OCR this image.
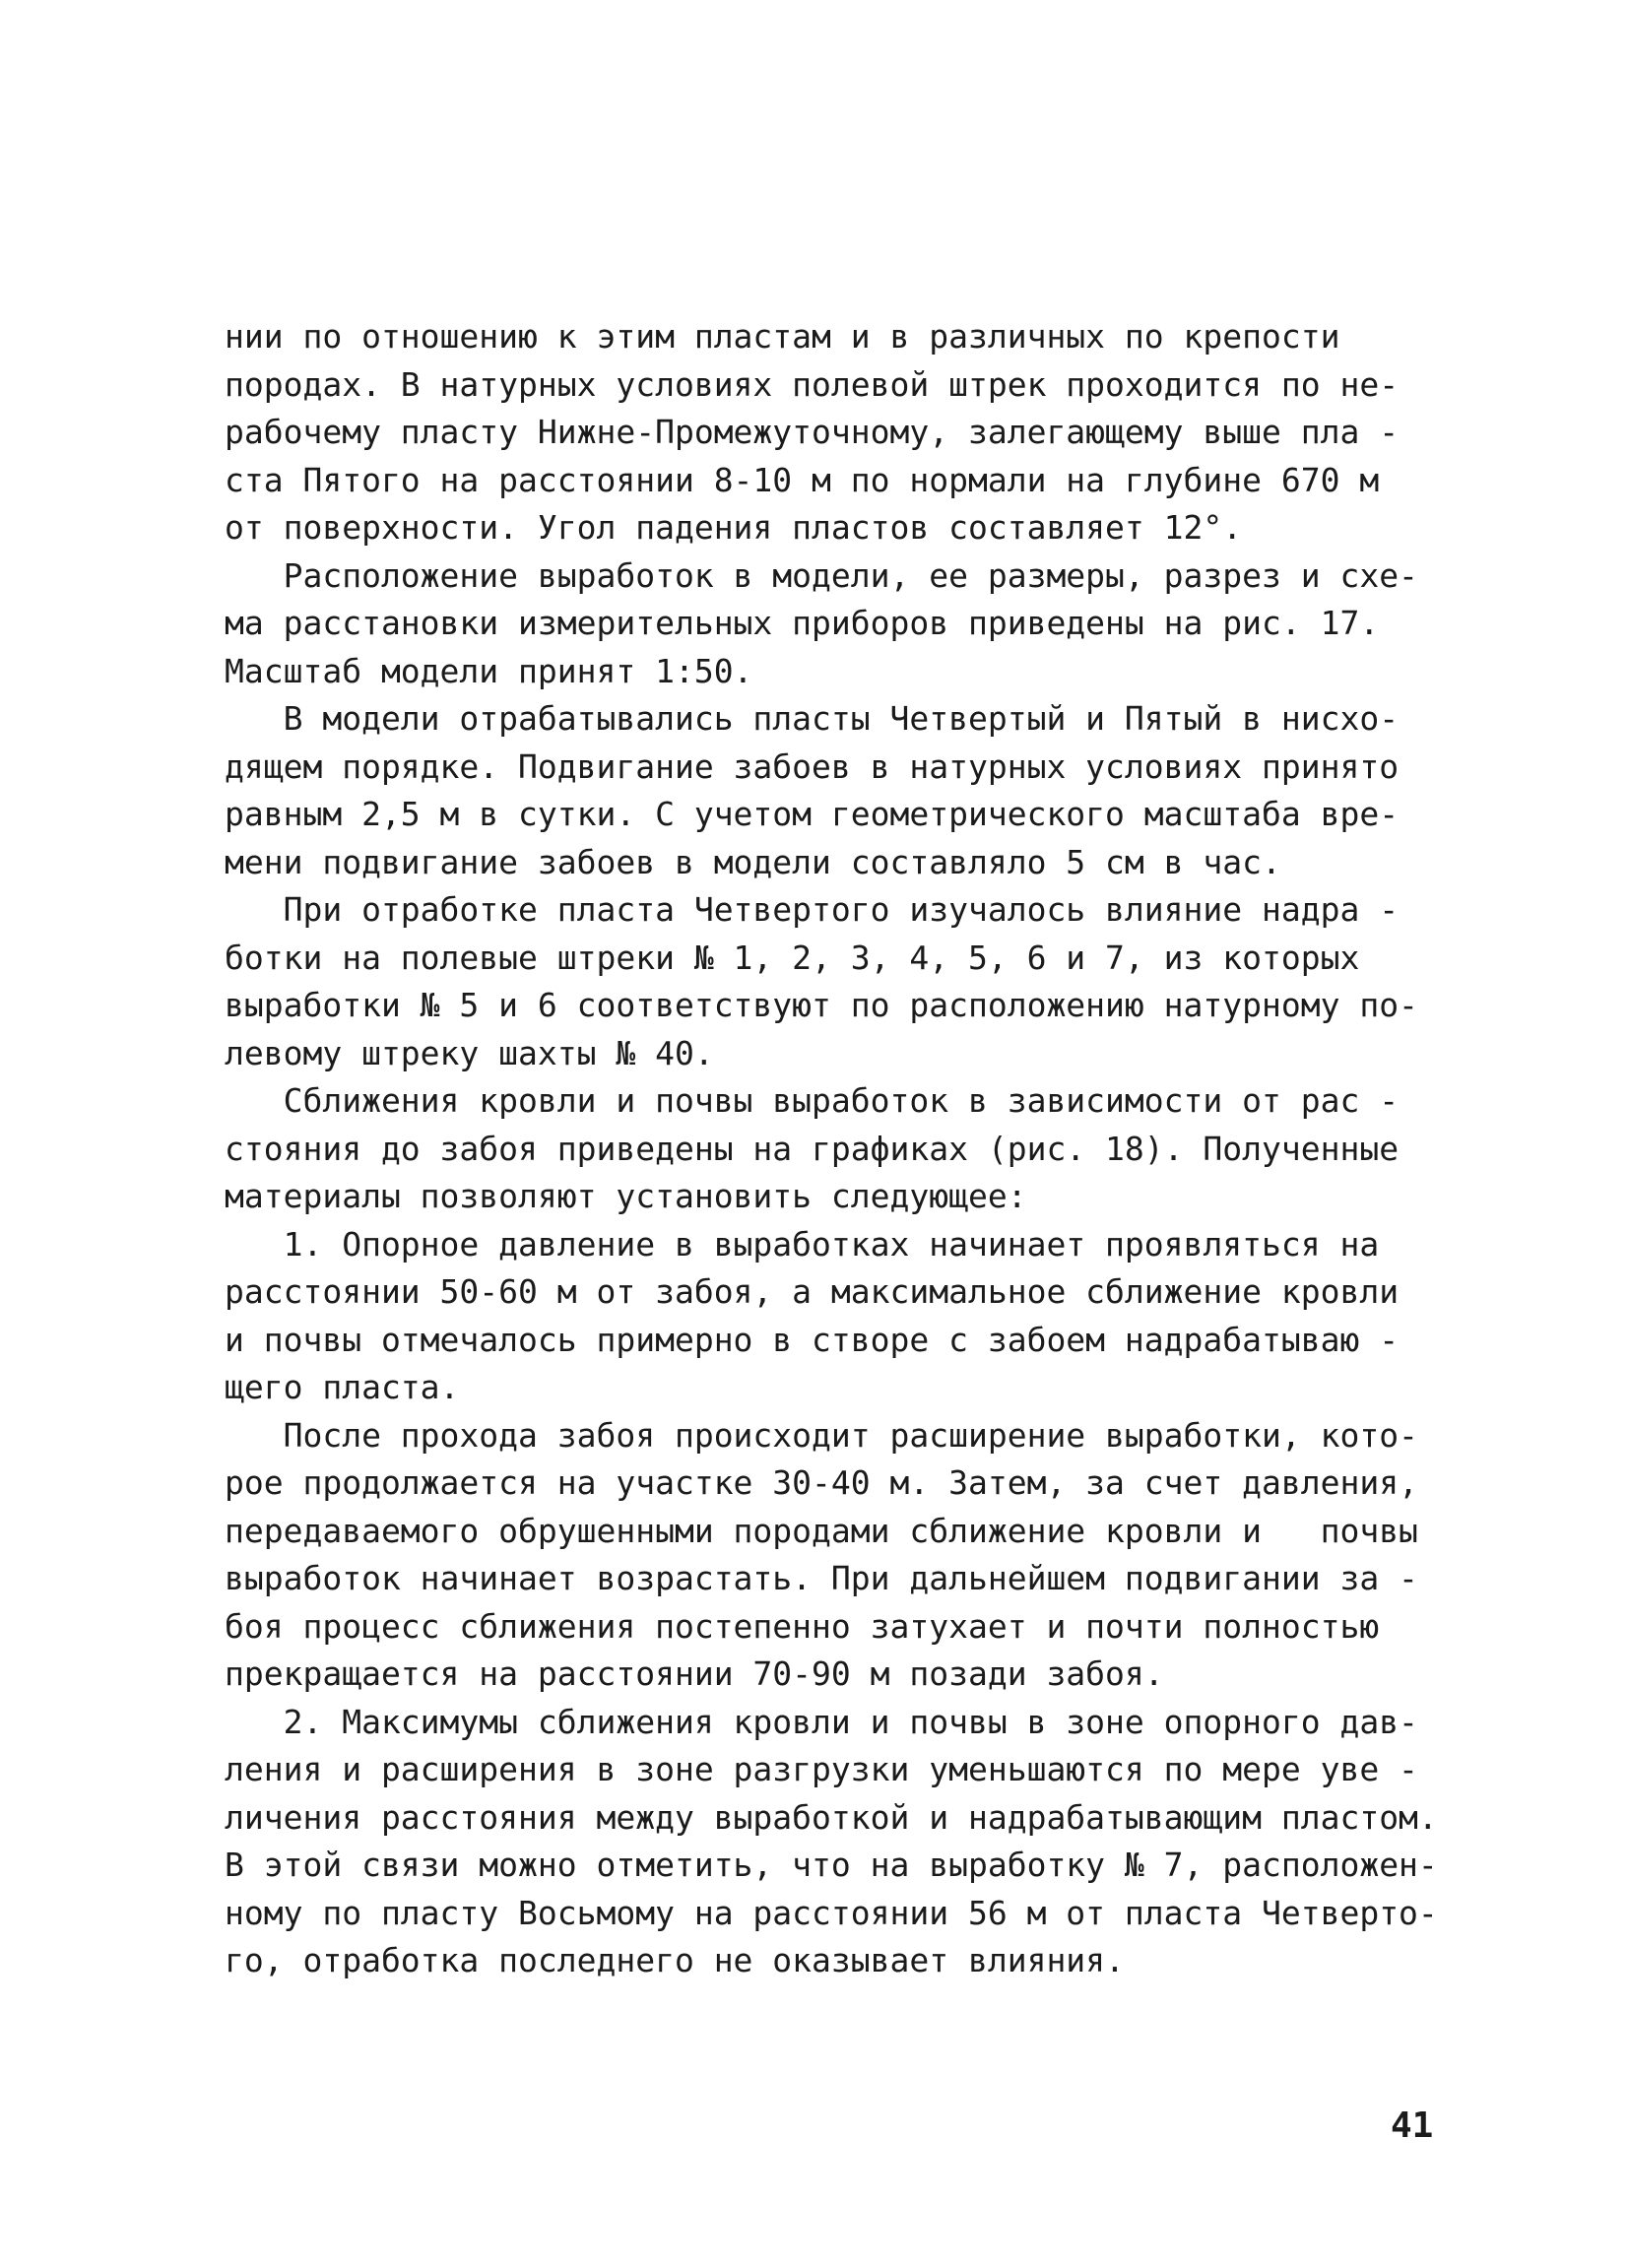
нии по отношению к этим пластам и в различных по крепости
породах. В натурных условиях полевой штрек проходится по не-
рабочему пласту Нижне-Промежуточному, залегающему выше пла -
ста Пятого на расстоянии 8-10 м по нормали на глубине 670 м
от поверхности. Угол падения пластов составляет 12°.
Расположение выработок в модели, ее размеры, разрез и схе-
ма расстановки измерительных приборов приведены на рис. 17.
Масштаб модели принят 1:50.
В модели отрабатывались пласты Четвертый и Пятый в нисхо-
дящем порядке. Подвигание забоев в натурных условиях принято
равным 2,5 м в сутки. С учетом геометрического масштаба вре-
мени подвигание забоев в модели составляло 5 см в час.
При отработке пласта Четвертого изучалось влияние надра -
ботки на полевые штреки № 1, 2, 3, 4, 5, 6 и 7, из которых
выработки № 5 и 6 соответствуют по расположению натурному по-
левому штреку шахты № 40.
Сближения кровли и почвы выработок в зависимости от рас -
стояния до забоя приведены на графиках (рис. 18). Полученные
материалы позволяют установить следующее:
1. Опорное давление в выработках начинает проявляться на
расстоянии 50-60 м от забоя, а максимальное сближение кровли
и почвы отмечалось примерно в створе с забоем надрабатываю -
щего пласта.
После прохода забоя происходит расширение выработки, кото-
рое продолжается на участке 30-40 м. Затем, за счет давления,
передаваемого обрушенными породами сближение кровли и   почвы
выработок начинает возрастать. При дальнейшем подвигании за -
боя процесс сближения постепенно затухает и почти полностью
прекращается на расстоянии 70-90 м позади забоя.
2. Максимумы сближения кровли и почвы в зоне опорного дав-
ления и расширения в зоне разгрузки уменьшаются по мере уве -
личения расстояния между выработкой и надрабатывающим пластом.
В этой связи можно отметить, что на выработку № 7, расположен-
ному по пласту Восьмому на расстоянии 56 м от пласта Четверто-
го, отработка последнего не оказывает влияния.
41
